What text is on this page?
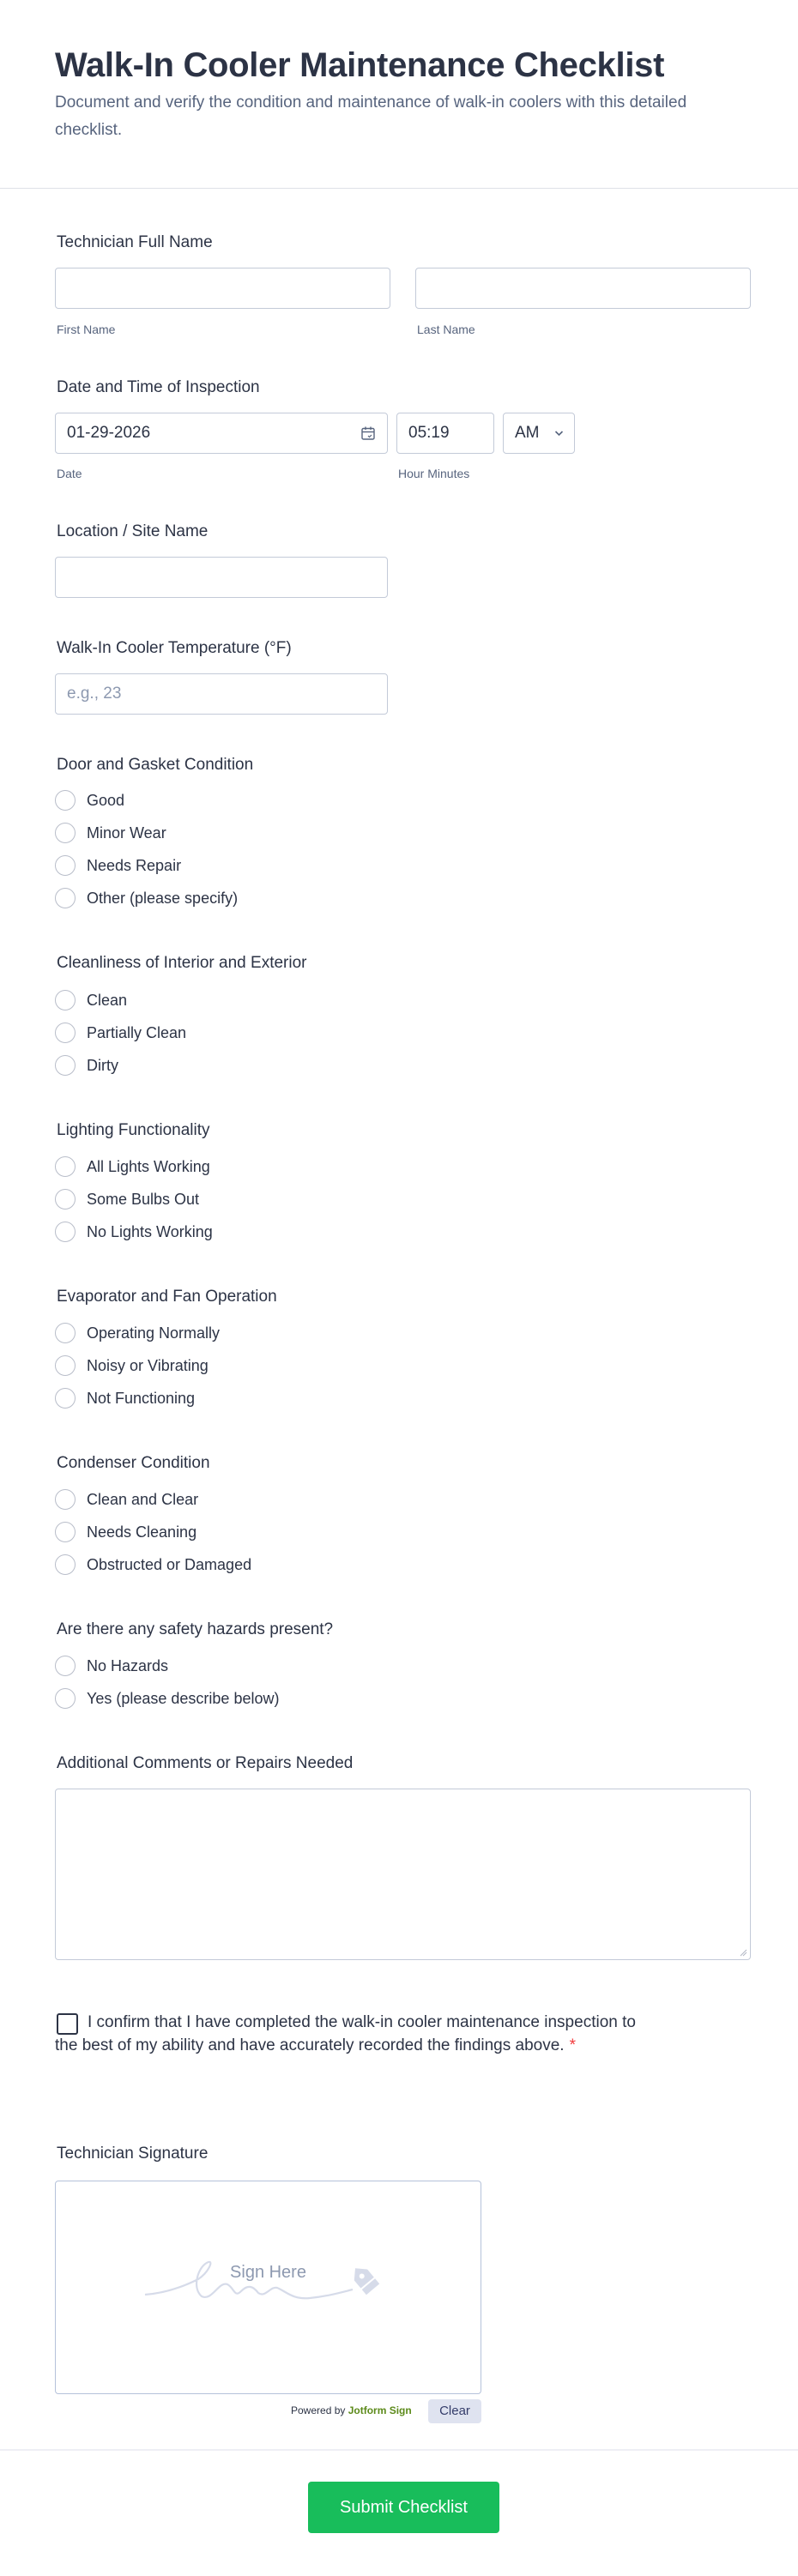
Walk-In Cooler Maintenance Checklist

Document and verify the condition and maintenance of walk-in coolers with this detailed checklist.

Technician Full Name
First Name	Last Name
Date and Time of Inspection
01-29-2026	05:19	AM
Date	Hour Minutes
Location / Site Name
Walk-In Cooler Temperature (°F)
e.g., 23
Door and Gasket Condition
Good
Minor Wear
Needs Repair
Other (please specify)
Cleanliness of Interior and Exterior
Clean
Partially Clean
Dirty
Lighting Functionality
All Lights Working
Some Bulbs Out
No Lights Working
Evaporator and Fan Operation
Operating Normally
Noisy or Vibrating
Not Functioning
Condenser Condition
Clean and Clear
Needs Cleaning
Obstructed or Damaged
Are there any safety hazards present?
No Hazards
Yes (please describe below)
Additional Comments or Repairs Needed
I confirm that I have completed the walk-in cooler maintenance inspection to the best of my ability and have accurately recorded the findings above. *
Technician Signature
Sign Here
Powered by Jotform Sign	Clear
Submit Checklist
